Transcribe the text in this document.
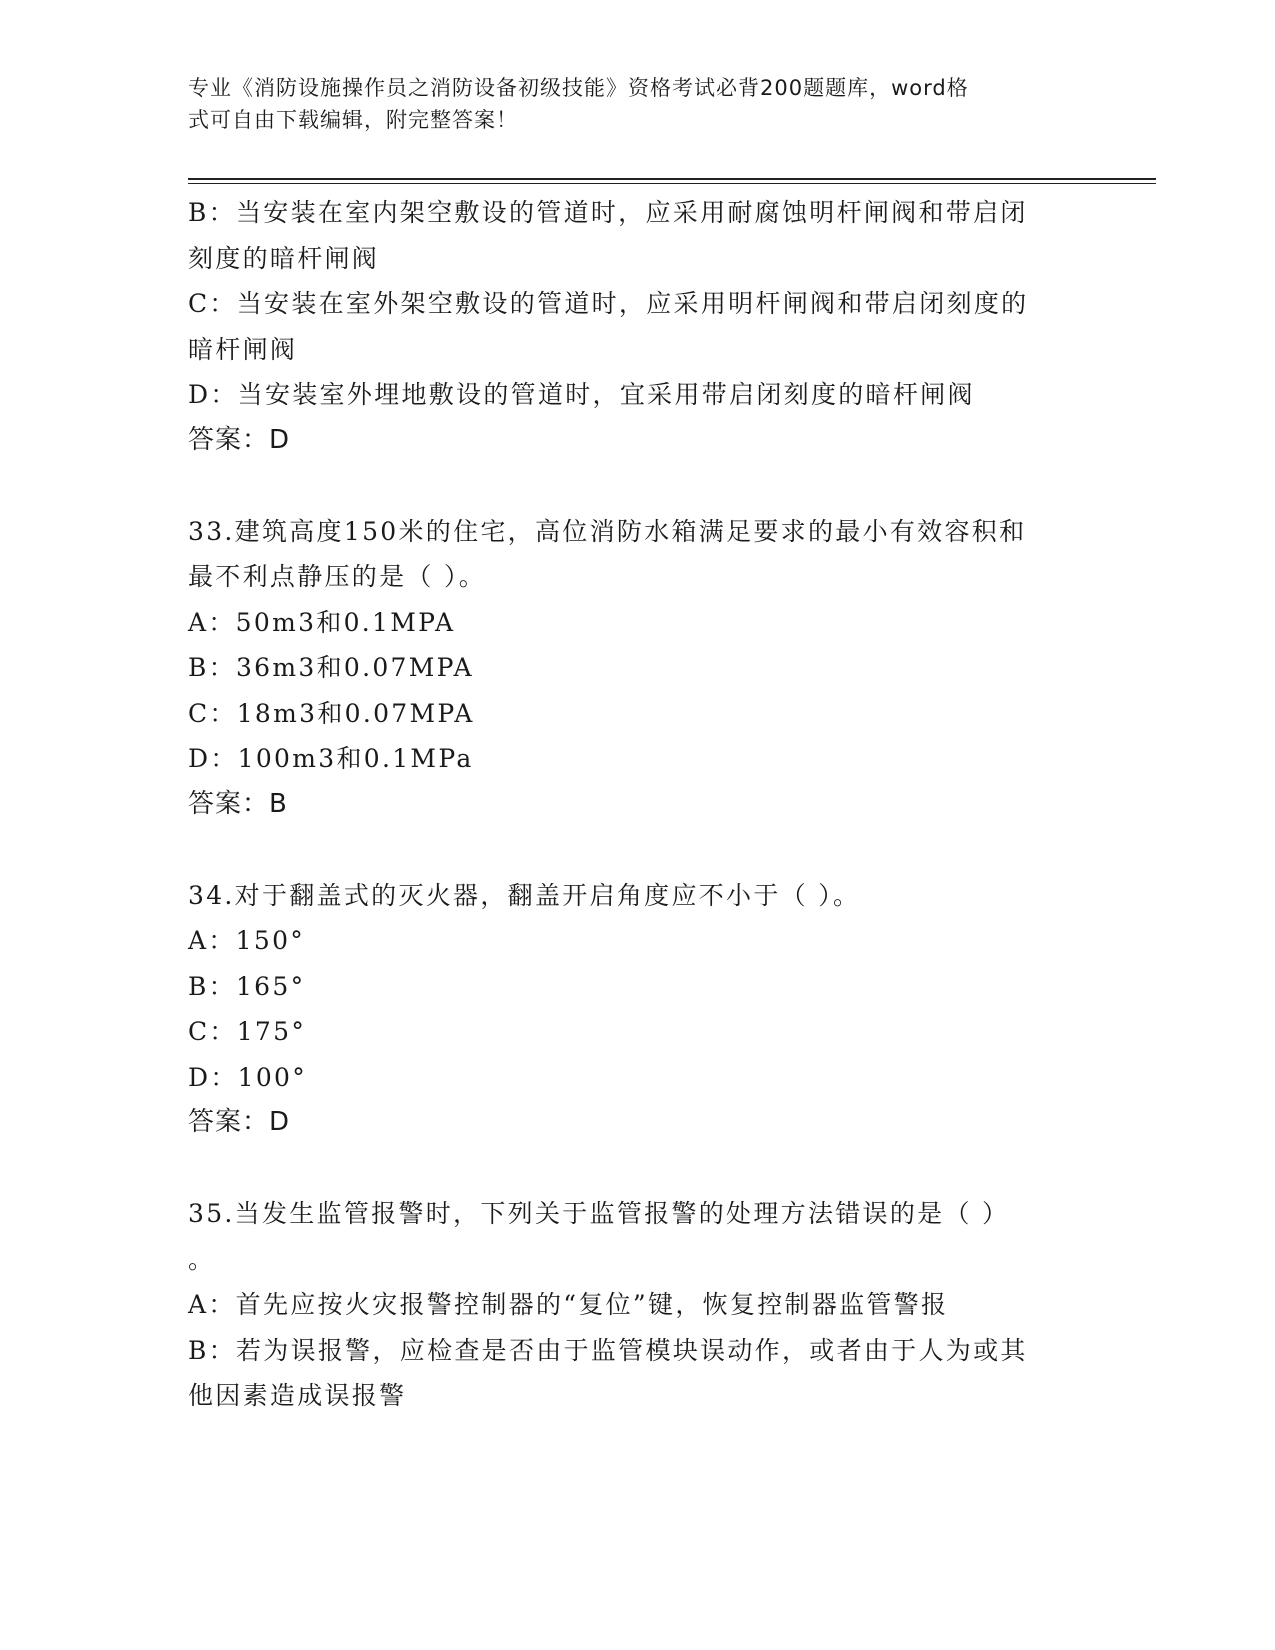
专业《消防设施操作员之消防设备初级技能》资格考试必背200题题库，word格
式可自由下载编辑，附完整答案！
B：当安装在室内架空敷设的管道时，应采用耐腐蚀明杆闸阀和带启闭
刻度的暗杆闸阀
C：当安装在室外架空敷设的管道时，应采用明杆闸阀和带启闭刻度的
暗杆闸阀
D：当安装室外埋地敷设的管道时，宜采用带启闭刻度的暗杆闸阀
答案：D
33.建筑高度150米的住宅，高位消防水箱满足要求的最小有效容积和
最不利点静压的是（ ）。
A：50m3和0.1MPA
B：36m3和0.07MPA
C：18m3和0.07MPA
D：100m3和0.1MPa
答案：B
34.对于翻盖式的灭火器，翻盖开启角度应不小于（ ）。
A：150°
B：165°
C：175°
D：100°
答案：D
35.当发生监管报警时，下列关于监管报警的处理方法错误的是（ ）
。
A：首先应按火灾报警控制器的“复位”键，恢复控制器监管警报
B：若为误报警，应检查是否由于监管模块误动作，或者由于人为或其
他因素造成误报警
